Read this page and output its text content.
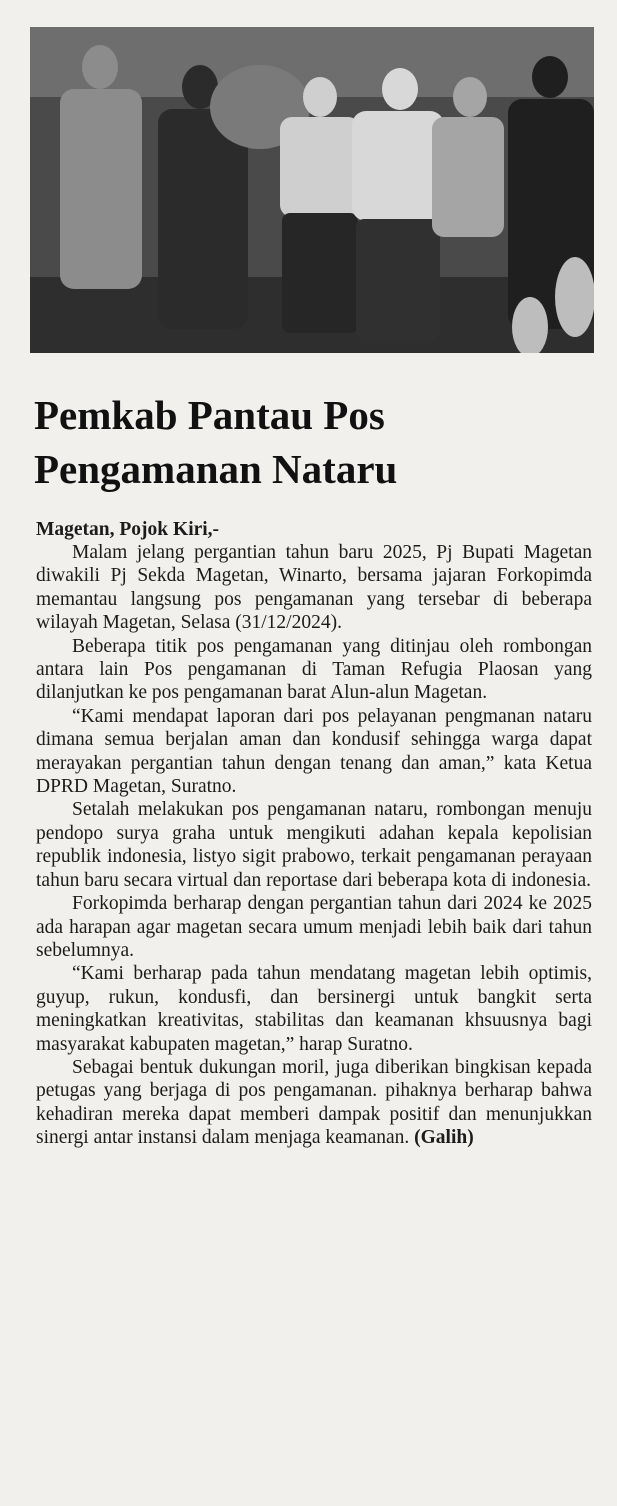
Pemkab Pantau Pos Pengamanan Nataru
Magetan, Pojok Kiri,-

Malam jelang pergantian tahun baru 2025, Pj Bupati Magetan diwakili Pj Sekda Magetan, Winarto, bersama jajaran Forkopimda memantau langsung pos pengamanan yang tersebar di beberapa wilayah Magetan, Selasa (31/12/2024).

Beberapa titik pos pengamanan yang ditinjau oleh rombongan antara lain Pos pengamanan di Taman Refugia Plaosan yang dilanjutkan ke pos pengamanan barat Alun-alun Magetan.

“Kami mendapat laporan dari pos pelayanan pengmanan nataru dimana semua berjalan aman dan kondusif sehingga warga dapat merayakan pergantian tahun dengan tenang dan aman,” kata Ketua DPRD Magetan, Suratno.

Setalah melakukan pos pengamanan nataru, rombongan menuju pendopo surya graha untuk mengikuti adahan kepala kepolisian republik indonesia, listyo sigit prabowo, terkait pengamanan perayaan tahun baru secara virtual dan reportase dari beberapa kota di indonesia.

Forkopimda berharap dengan pergantian tahun dari 2024 ke 2025 ada harapan agar magetan secara umum menjadi lebih baik dari tahun sebelumnya.

“Kami berharap pada tahun mendatang magetan lebih optimis, guyup, rukun, kondusfi, dan bersinergi untuk bangkit serta meningkatkan kreativitas, stabilitas dan keamanan khsuusnya bagi masyarakat kabupaten magetan,” harap Suratno.

Sebagai bentuk dukungan moril, juga diberikan bingkisan kepada petugas yang berjaga di pos pengamanan. pihaknya berharap bahwa kehadiran mereka dapat memberi dampak positif dan menunjukkan sinergi antar instansi dalam menjaga keamanan. (Galih)
